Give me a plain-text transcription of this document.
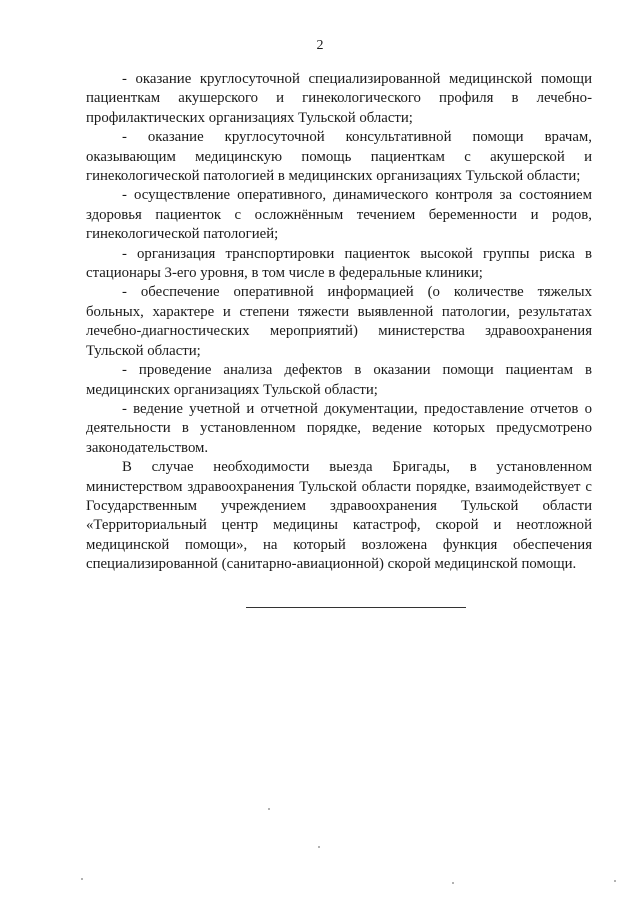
2

- оказание круглосуточной специализированной медицинской помощи пациенткам акушерского и гинекологического профиля в лечебно-профилактических организациях Тульской области;

- оказание круглосуточной консультативной помощи врачам, оказывающим медицинскую помощь пациенткам с акушерской и гинекологической патологией в медицинских организациях Тульской области;

- осуществление оперативного, динамического контроля за состоянием здоровья пациенток с осложнённым течением беременности и родов, гинекологической патологией;

- организация транспортировки пациенток высокой группы риска в стационары 3-его уровня, в том числе в федеральные клиники;

- обеспечение оперативной информацией (о количестве тяжелых больных, характере и степени тяжести выявленной патологии, результатах лечебно-диагностических мероприятий) министерства здравоохранения Тульской области;

- проведение анализа дефектов в оказании помощи пациентам в медицинских организациях Тульской области;

- ведение учетной и отчетной документации, предоставление отчетов о деятельности в установленном порядке, ведение которых предусмотрено законодательством.

В случае необходимости выезда Бригады, в установленном министерством здравоохранения Тульской области порядке, взаимодействует с Государственным учреждением здравоохранения Тульской области «Территориальный центр медицины катастроф, скорой и неотложной медицинской помощи», на который возложена функция обеспечения специализированной (санитарно-авиационной) скорой медицинской помощи.
